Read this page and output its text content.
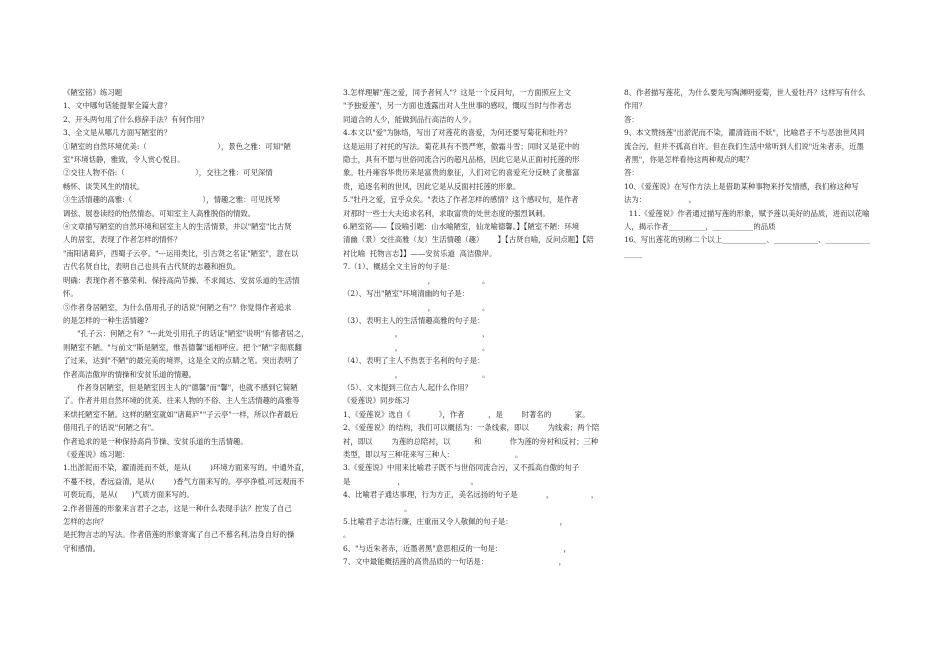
《陋室铭》练习题
1、文中哪句话能提挈全篇大意？
2、开头两句用了什么修辞手法？有何作用？
3、全文是从哪几方面写陋室的？
①陋室的自然环境优美:（                              ），景色之雅：可知"陋
室"环境恬静，雅致，令人赏心悦目。
②交往人物不俗:（                              ），交往之雅：可见深情
畅怀、谈笑风生的情状。
③生活情趣的高雅:（                              ），情趣之雅：可见抚琴
调弦、展卷读经的怡然情态。可知室主人高雅脱俗的情致。
④文章描写陋室的自然环境和居室主人的生活情景，并以"陋室"比古贤
人的居室，表现了作者怎样的情怀？
"南阳诸葛庐，西蜀子云亭。"---运用类比，引古贤之名证"陋室"，意在以
古代名贤自比，表明自己也具有古代贤的志趣和抱负。
明确：表现作者不慕荣利、保持高尚节操、不求闻达、安贫乐道的生活情
怀。
⑤作者身居陋室，为什么借用孔子的话说"何陋之有"？你觉得作者追求
的是怎样的一种生活情趣?
"孔子云：何陋之有？"---此处引用孔子的话证"陋室"说明"有德者居之，
则陋室不陋。"与前文"斯是陋室，惟吾德馨"遥相呼应。把个"陋"字彻底翻
了过来，达到"不陋"的最完美的境界，这是全文的点睛之笔。突出表明了
作者高洁傲岸的情操和安贫乐道的情趣。
作者身居陋室，但是陋室因主人的"德馨"而"馨"，也就不感到它简陋
了。作者并用自然环境的优美、往来人物的不俗、主人生活情趣的高雅等
来烘托陋室不陋。这样的陋室就如"诸葛庐""子云亭"一样，所以作者最后
借用孔子的话说"何陋之有"。
作者追求的是一种保持高尚节操、安贫乐道的生活情趣。
《爱莲说》练习题：
1.出淤泥而不染，濯清涟而不妖，是从(        )环境方面来写的。中通外直，
不蔓不枝，香远益清，是从(        )香气方面来写的。亭亭净植,可远观而不
可亵玩焉，是从(      )气质方面来写的。
2.作者借莲的形象来言君子之志，这是一种什么表现手法？控发了自己
怎样的志向？
是托物言志的写法。作者借莲的形象寄寓了自己不慕名利,洁身自好的操
守和感情。
3.怎样理解"莲之爱，同予者何人"？这是一个反问句，一方面照应上文
"予独爱莲"，另一方面也透露出对人生世事的感叹，慨叹当时与作者志
同道合的人少，能做到品行高洁的人少。
4.本文以"爱"为脉络，写出了对莲花的喜爱，为何还要写菊花和牡丹？
这是运用了衬托的写法。菊花具有不畏严寒，傲霜斗雪；同时又是花中的
隐士，具有不愿与世俗同流合污的超凡品格，因此它是从正面衬托莲的形
象。牡丹雍容华贵历来是富贵的象征，人们对它的喜爱充分反映了贪慕富
贵，追逐名利的世风，因此它是从反面衬托莲的形象。
5."牡丹之爱，宜乎众矣。"表达了作者怎样的感情？这个感叹句，是作者
对那时一些士大夫追求名利，求取富贵的处世态度的强烈讽刺。
6.陋室铭——【设喻引题：山水喻陋室，仙龙喻德馨。】【陋室不陋：环境
清幽（景）交往高雅（友）生活情趣（趣）      】【古贤自喻，反问点题】【陪
衬比喻  托物言志】】——安贫乐道  高洁傲岸。
7.（1）、概括全文主旨的句子是：
，                    。
（2）、写出"陋室"环境清幽的句子是：
，                    。
（3）、表明主人的生活情趣高雅的句子是：
，                                  ，
，                                  。
（4）、表明了主人不热衷于名利的句子是：
，                                  。
（5）、文末提到三位古人,起什么作用？
《爱莲说》同步练习
1、《爱莲说》选自《            》，作者          ，是        时著名的          家。
2、《爱莲说》的结构，我们可以概括为：一条线索，即以        为线索；两个陪
衬，即以        为莲的总陪衬，以          和            作为莲的旁衬和反衬；三种
类型，即以写三种花来写三种人：                          。
3.《爱莲说》中用来比喻君子既不与世俗同流合污，又不孤高自傲的句子
是                    ，                            。
4、比喻君子通达事理，行为方正，美名远扬的句子是            ，                ，
。
5.比喻君子志洁行廉，庄重而又令人敬佩的句子是：                    ，                  。
6、"与近朱者赤，近墨者黑"意思相反的一句是：                          ，
7、文中最能概括莲的高贵品质的一句话是：                              ，
8、作者描写莲花，为什么要先写陶渊明爱菊，世人爱牡丹？这样写有什么
作用？
答：
9、本文赞扬莲"出淤泥而不染，濯清涟而不妖"，比喻君子不与恶浊世风同
流合污，但并不孤高自许。但在我们生活中常听到人们说"近朱者赤，近墨
者黑"，你是怎样看待这两种观点的呢？
答：
10、《爱莲说》在写作方法上是借助某种事物来抒发情感，我们称这种写
法为：                  。
11.《爱莲说》作者通过描写莲的形象，赋予莲以美好的品质，进而以花喻
人，揭示作者__________，___________的品质
16、写出莲花的别称二个以上____________、____________、____________
_____
